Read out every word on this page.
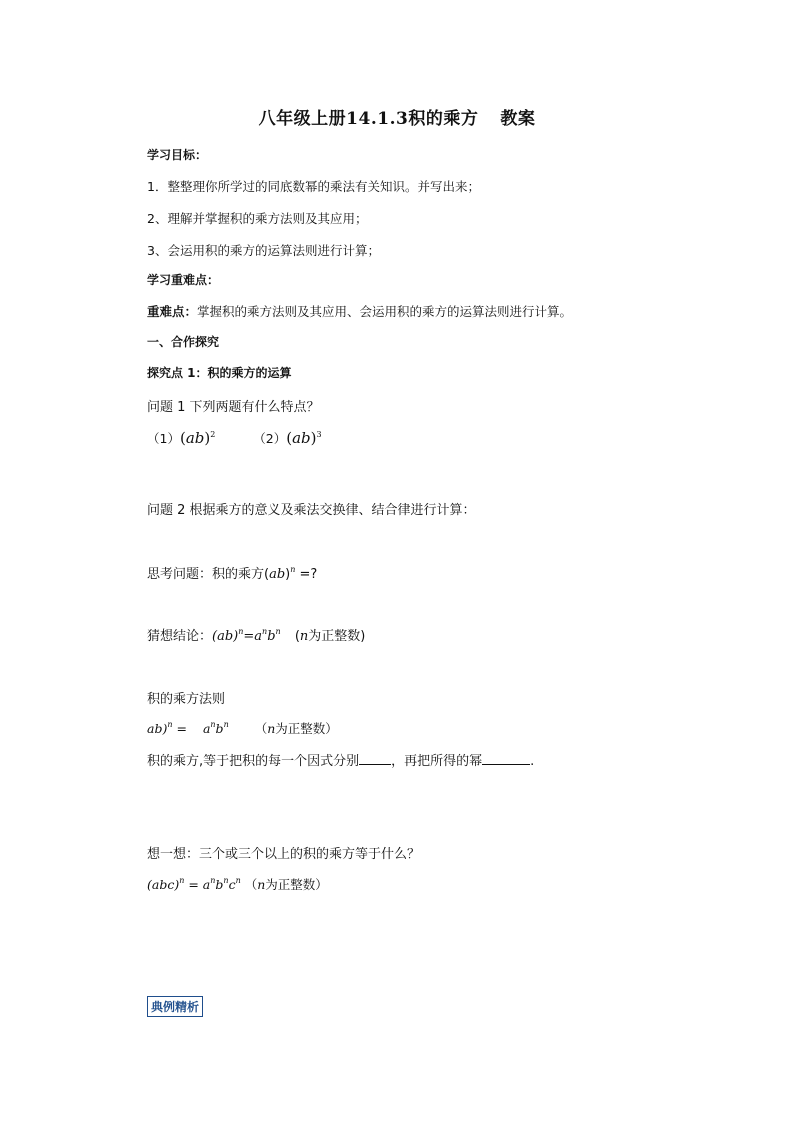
八年级上册14.1.3积的乘方 教案
学习目标：
1．整整理你所学过的同底数幂的乘法有关知识。并写出来；
2、理解并掌握积的乘方法则及其应用；
3、会运用积的乘方的运算法则进行计算；
学习重难点：
重难点：掌握积的乘方法则及其应用、会运用积的乘方的运算法则进行计算。
一、合作探究
探究点 1：积的乘方的运算
问题 1 下列两题有什么特点？
（1）(ab)$^2$	（2）(ab)$^3$
问题 2 根据乘方的意义及乘法交换律、结合律进行计算：
思考问题：积的乘方(ab)$^n$ =?
猜想结论：$(ab)^n=a^nb^n$ (n为正整数)
积的乘方法则
$ab)^n = a^nb^n$ （n为正整数）
积的乘方,等于把积的每一个因式分别 ，再把所得的幂	.
想一想：三个或三个以上的积的乘方等于什么？
$(abc)^n = a^nb^nc^n$ （n为正整数）
典例精析
